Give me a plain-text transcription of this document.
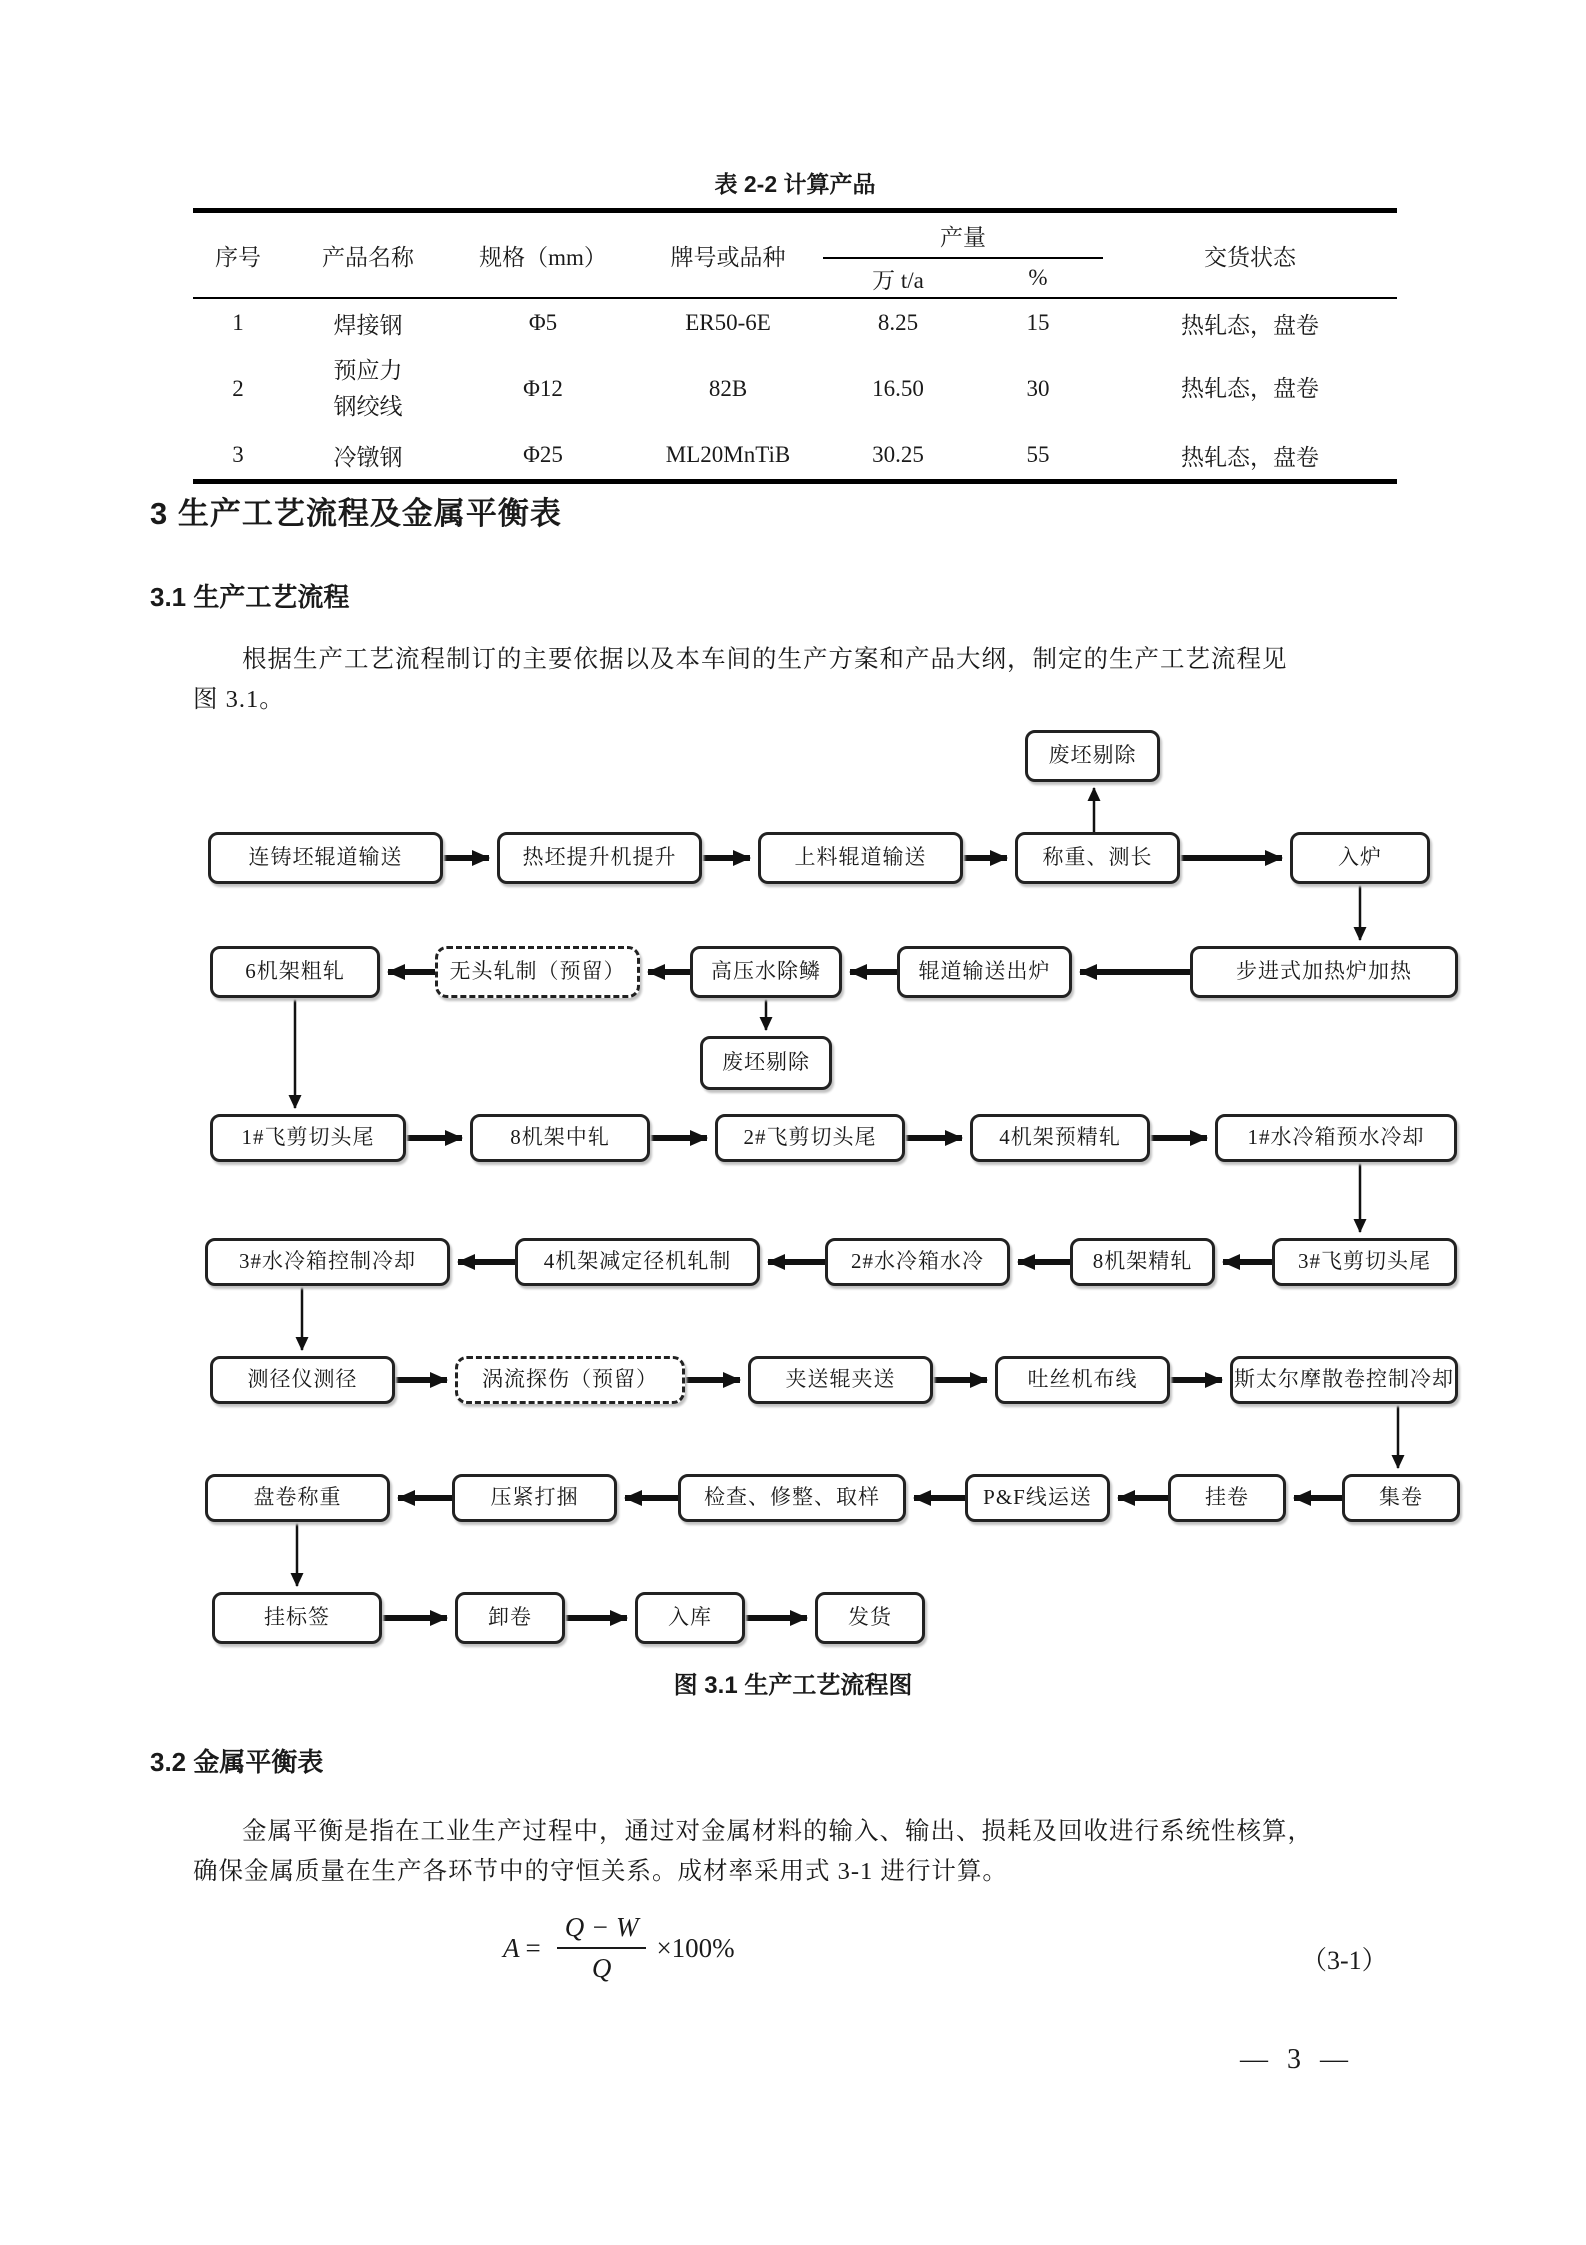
表 2-2 计算产品
序号	产品名称	规格（mm）	牌号或品种	产量		交货状态
				万 t/a	%	
1	焊接钢	Φ5	ER50-6E	8.25	15	热轧态，盘卷
2	预应力钢绞线	Φ12	82B	16.50	30	热轧态，盘卷
3	冷镦钢	Φ25	ML20MnTiB	30.25	55	热轧态，盘卷
3 生产工艺流程及金属平衡表
3.1 生产工艺流程
根据生产工艺流程制订的主要依据以及本车间的生产方案和产品大纲，制定的生产工艺流程见
图 3.1。
废坯剔除
连铸坯辊道输送	热坯提升机提升	上料辊道输送	称重、测长	入炉
步进式加热炉加热
辊道输送出炉
高压水除鳞
无头轧制（预留）
6机架粗轧
废坯剔除
1#飞剪切头尾	8机架中轧	2#飞剪切头尾	4机架预精轧	1#水冷箱预水冷却
3#飞剪切头尾
8机架精轧
2#水冷箱水冷
4机架减定径机轧制
3#水冷箱控制冷却
测径仪测径	涡流探伤（预留）	夹送辊夹送	吐丝机布线	斯太尔摩散卷控制冷却
集卷
挂卷
P&F线运送
检查、修整、取样
压紧打捆
盘卷称重
挂标签	卸卷	入库	发货
图 3.1 生产工艺流程图
3.2 金属平衡表
金属平衡是指在工业生产过程中，通过对金属材料的输入、输出、损耗及回收进行系统性核算，
确保金属质量在生产各环节中的守恒关系。成材率采用式 3-1 进行计算。
$A = \frac{Q - W}{Q} \times 100\%$	（3-1）
— 3 —
